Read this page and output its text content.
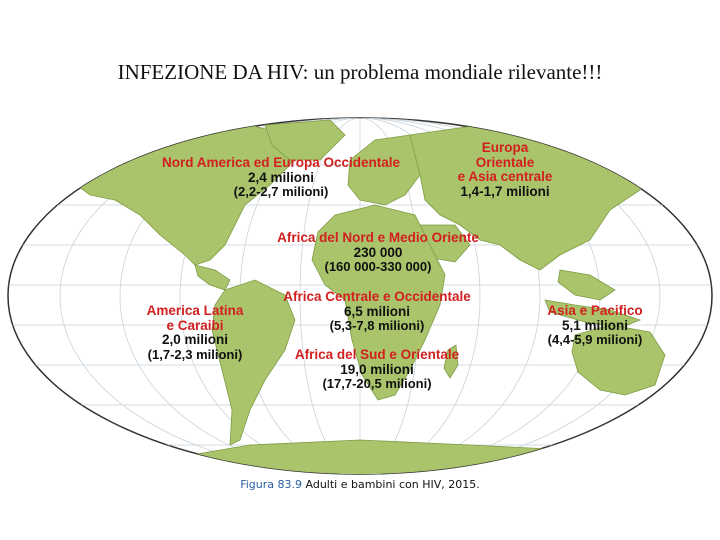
INFEZIONE DA HIV: un problema mondiale rilevante!!!
Nord America ed Europa Occidentale
2,4 milioni
(2,2-2,7 milioni)
Europa
Orientale
e Asia centrale
1,4-1,7 milioni
Africa del Nord e Medio Oriente
230 000
(160 000-330 000)
America Latina
e Caraibi
2,0 milioni
(1,7-2,3 milioni)
Africa Centrale e Occidentale
6,5 milioni
(5,3-7,8 milioni)
Asia e Pacifico
5,1 milioni
(4,4-5,9 milioni)
Africa del Sud e Orientale
19,0 milioni
(17,7-20,5 milioni)
Figura 83.9 Adulti e bambini con HIV, 2015.
